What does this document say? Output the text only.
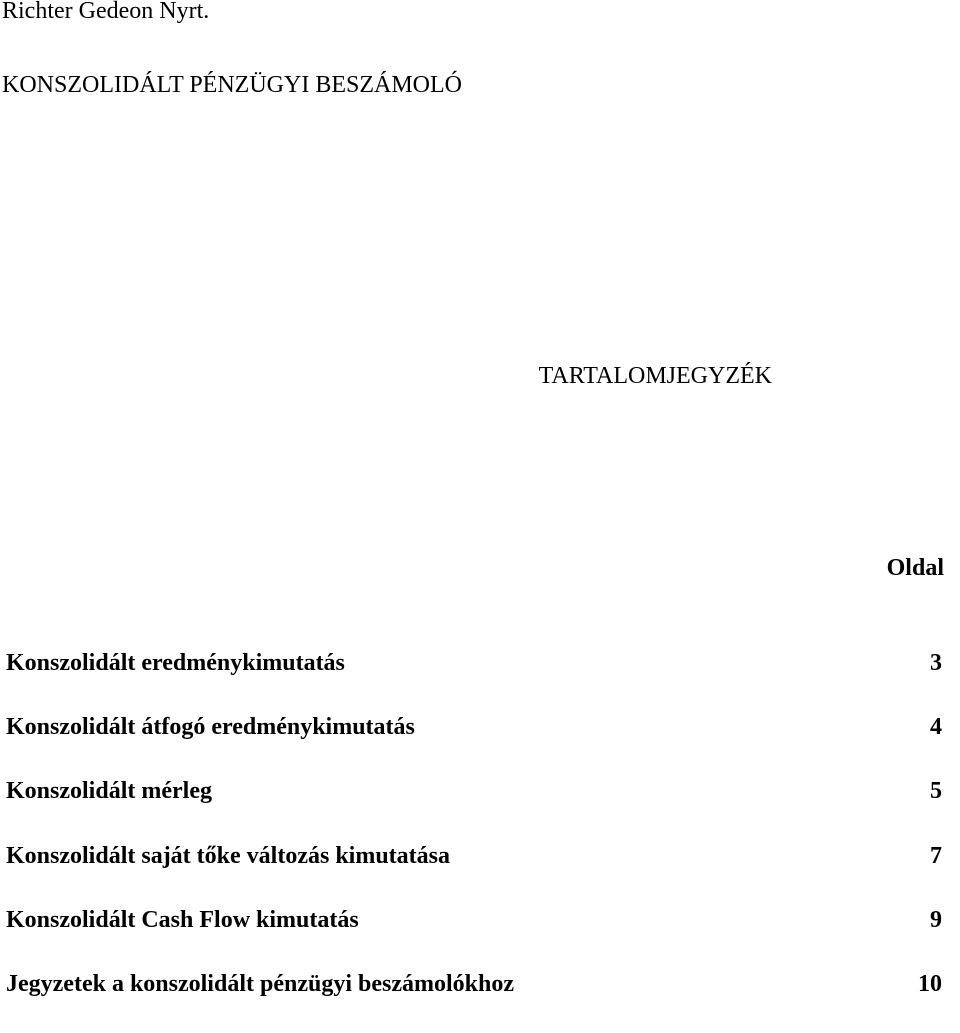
Richter Gedeon Nyrt.
KONSZOLIDÁLT PÉNZÜGYI BESZÁMOLÓ
TARTALOMJEGYZÉK
Oldal
Konszolidált eredménykimutatás	3
Konszolidált átfogó eredménykimutatás	4
Konszolidált mérleg	5
Konszolidált saját tőke változás kimutatása	7
Konszolidált Cash Flow kimutatás	9
Jegyzetek a konszolidált pénzügyi beszámolókhoz	10
